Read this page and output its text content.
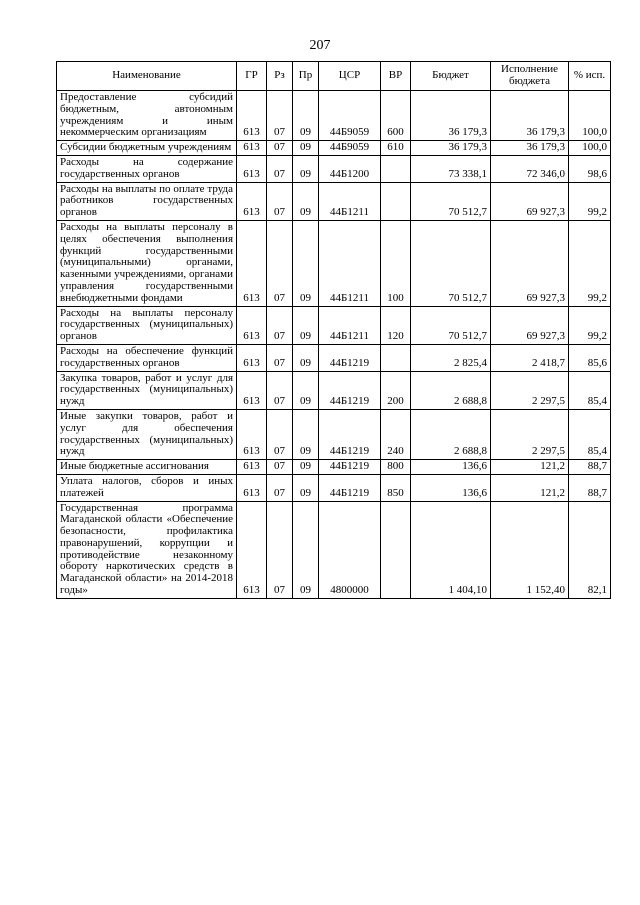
207
Наименование	ГР	Рз	Пр	ЦСР	ВР	Бюджет	Исполнение бюджета	% исп.
Предоставление субсидий бюджетным, автономным учреждениям и иным некоммерческим организациям	613	07	09	44Б9059	600	36 179,3	36 179,3	100,0
Субсидии бюджетным учреждениям	613	07	09	44Б9059	610	36 179,3	36 179,3	100,0
Расходы на содержание государственных органов	613	07	09	44Б1200		73 338,1	72 346,0	98,6
Расходы на выплаты по оплате труда работников государственных органов	613	07	09	44Б1211		70 512,7	69 927,3	99,2
Расходы на выплаты персоналу в целях обеспечения выполнения функций государственными (муниципальными) органами, казенными учреждениями, органами управления государственными внебюджетными фондами	613	07	09	44Б1211	100	70 512,7	69 927,3	99,2
Расходы на выплаты персоналу государственных (муниципальных) органов	613	07	09	44Б1211	120	70 512,7	69 927,3	99,2
Расходы на обеспечение функций государственных органов	613	07	09	44Б1219		2 825,4	2 418,7	85,6
Закупка товаров, работ и услуг для государственных (муниципальных) нужд	613	07	09	44Б1219	200	2 688,8	2 297,5	85,4
Иные закупки товаров, работ и услуг для обеспечения государственных (муниципальных) нужд	613	07	09	44Б1219	240	2 688,8	2 297,5	85,4
Иные бюджетные ассигнования	613	07	09	44Б1219	800	136,6	121,2	88,7
Уплата налогов, сборов и иных платежей	613	07	09	44Б1219	850	136,6	121,2	88,7
Государственная программа Магаданской области «Обеспечение безопасности, профилактика правонарушений, коррупции и противодействие незаконному обороту наркотических средств в Магаданской области» на 2014-2018 годы»	613	07	09	4800000		1 404,10	1 152,40	82,1
